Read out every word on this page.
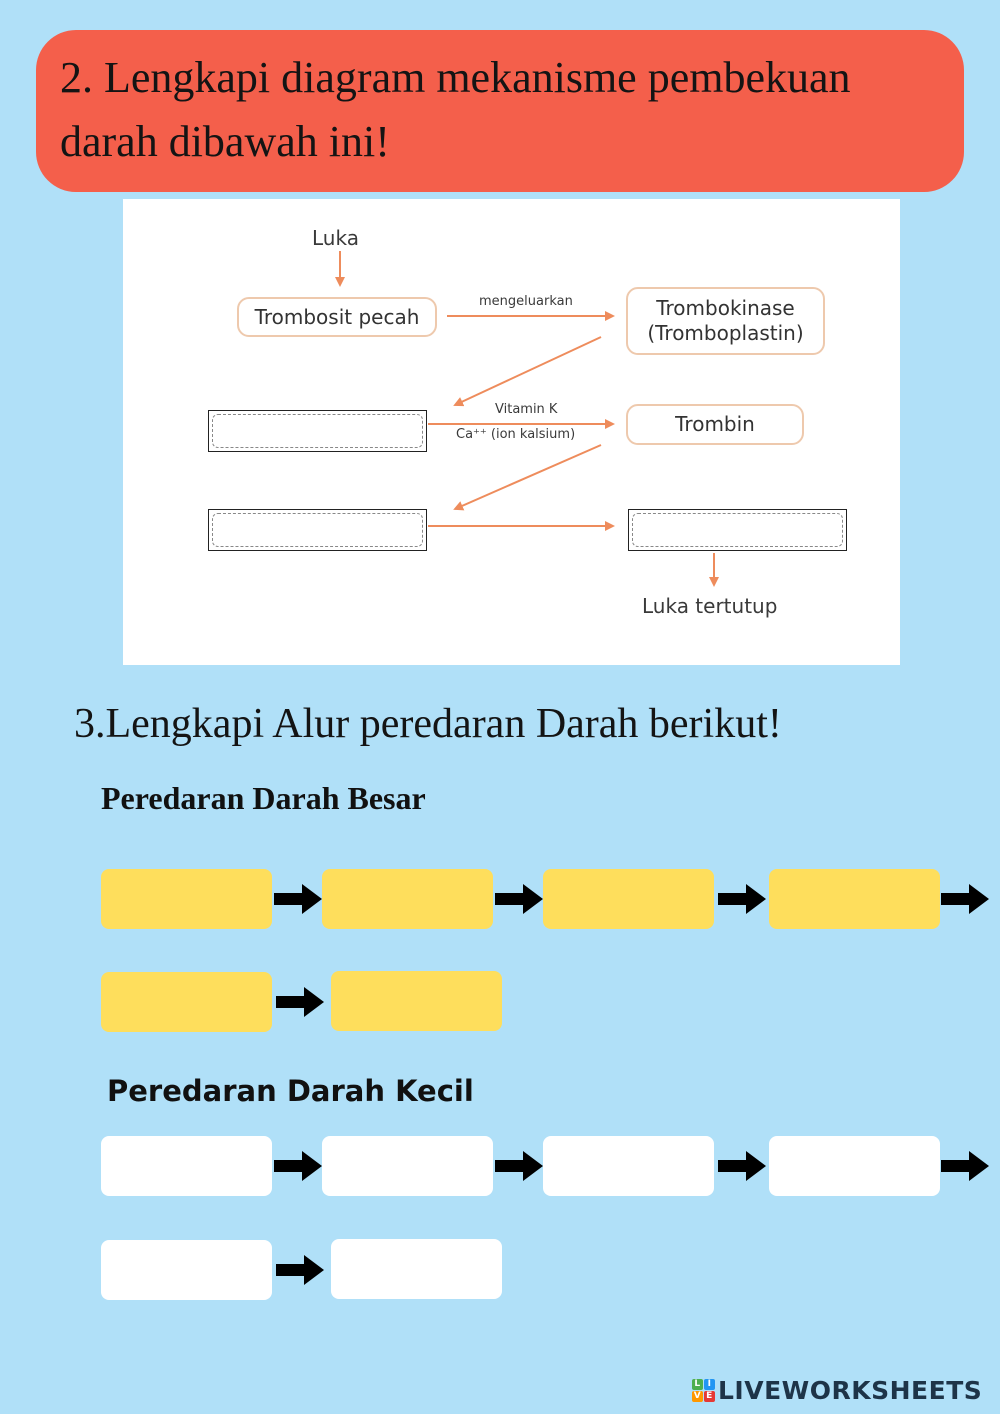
2. Lengkapi diagram mekanisme pembekuan
darah dibawah ini!
Luka
Trombosit pecah
mengeluarkan	Trombokinase
(Tromboplastin)
Vitamin K
Ca⁺⁺ (ion kalsium)	Trombin
Luka tertutup
3.Lengkapi Alur peredaran Darah berikut!
Peredaran Darah Besar
Peredaran Darah Kecil
L I
V E LIVEWORKSHEETS
